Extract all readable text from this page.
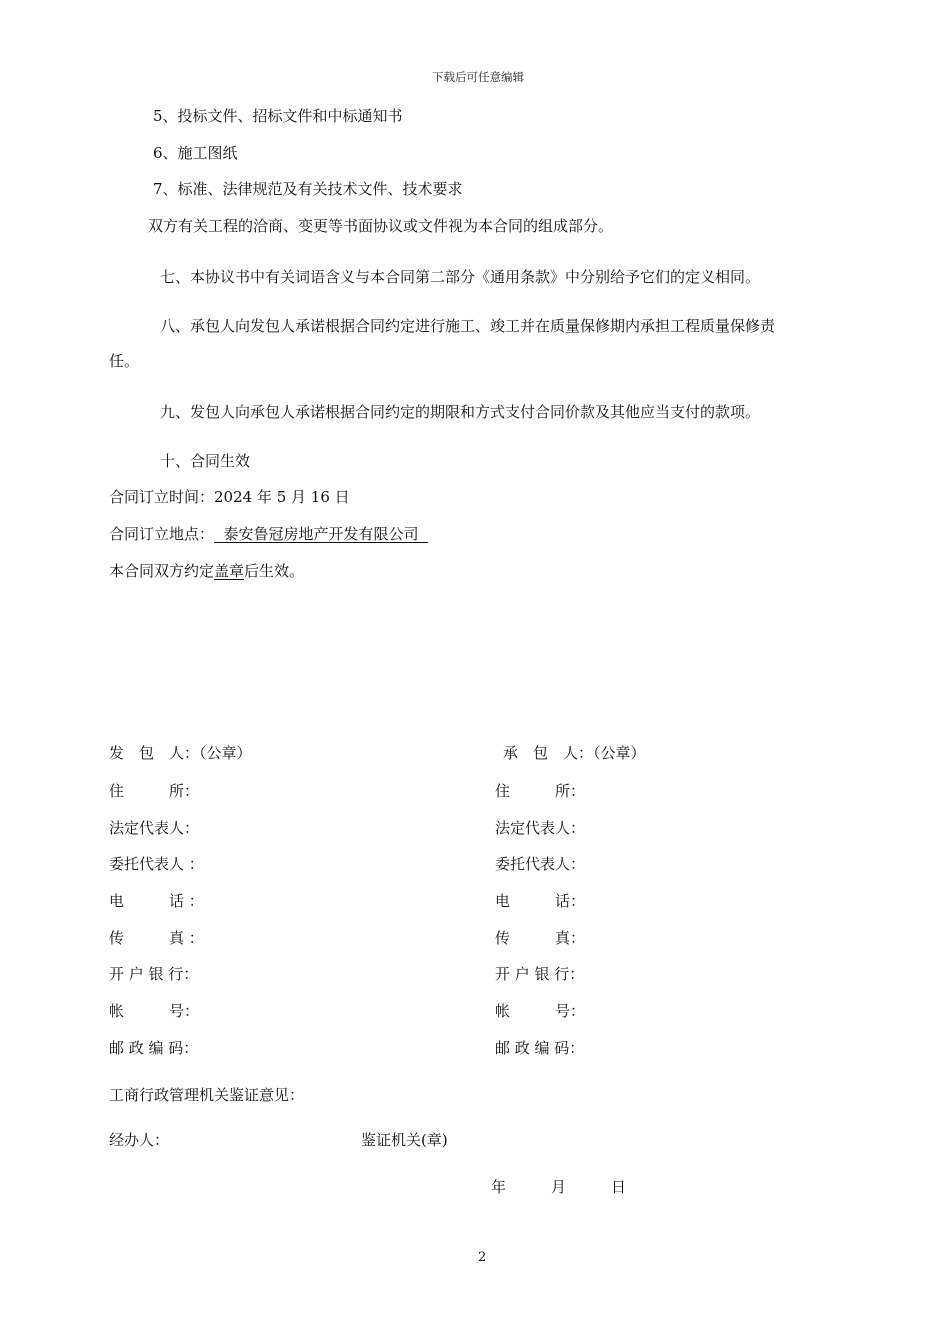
下载后可任意编辑
5、投标文件、招标文件和中标通知书
6、施工图纸
7、标准、法律规范及有关技术文件、技术要求
双方有关工程的洽商、变更等书面协议或文件视为本合同的组成部分。
七、本协议书中有关词语含义与本合同第二部分《通用条款》中分别给予它们的定义相同。
八、承包人向发包人承诺根据合同约定进行施工、竣工并在质量保修期内承担工程质量保修责
任。
九、发包人向承包人承诺根据合同约定的期限和方式支付合同价款及其他应当支付的款项。
十、合同生效
合同订立时间：2024 年 5 月 16 日
合同订立地点：  泰安鲁冠房地产开发有限公司
本合同双方约定盖章后生效。
发　包　人：（公章）
住　　　所：
法定代表人：
委托代表人 ：
电　　　话 ：
传　　　真 ：
开 户 银 行：
帐　　　号：
邮 政 编 码：
承　包　人：（公章）
住　　　所：
法定代表人：
委托代表人：
电　　　话：
传　　　真：
开 户 银 行：
帐　　　号：
邮 政 编 码：
工商行政管理机关鉴证意见：
经办人：	鉴证机关(章)
年　　　月　　　日
2
